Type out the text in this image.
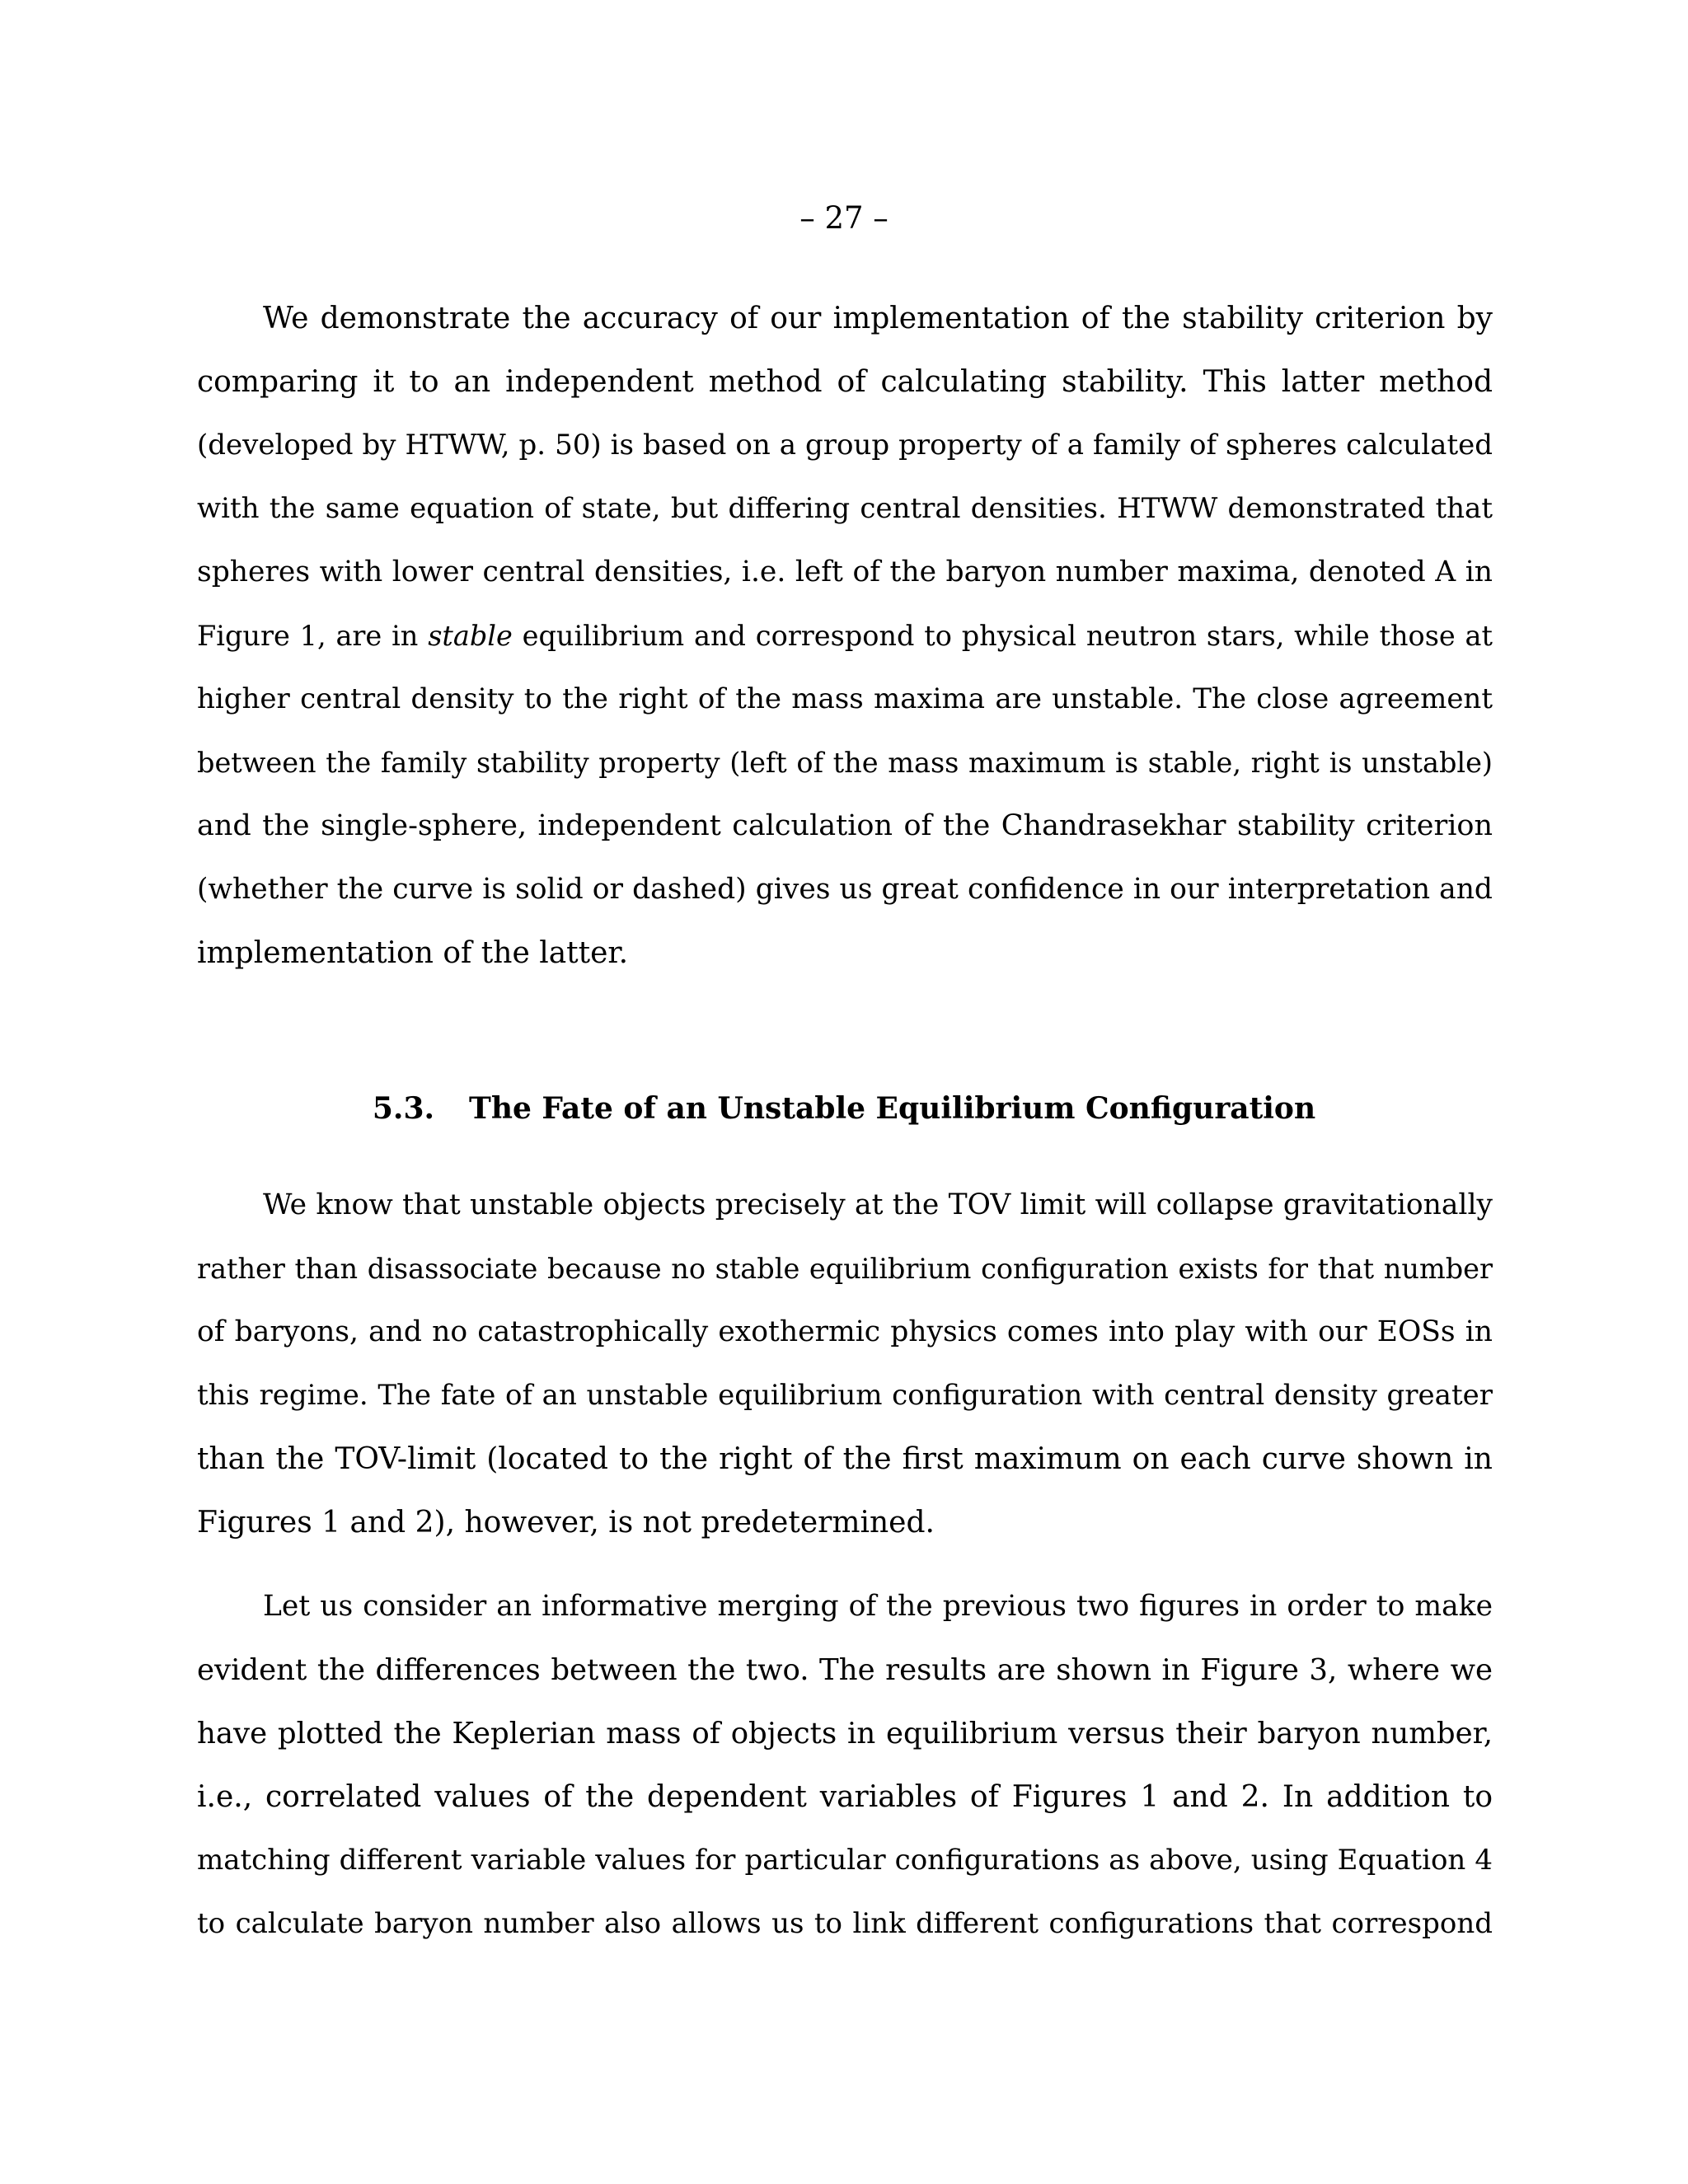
– 27 –
We demonstrate the accuracy of our implementation of the stability criterion by
comparing it to an independent method of calculating stability. This latter method
(developed by HTWW, p. 50) is based on a group property of a family of spheres calculated
with the same equation of state, but differing central densities. HTWW demonstrated that
spheres with lower central densities, i.e. left of the baryon number maxima, denoted A in
Figure 1, are in stable equilibrium and correspond to physical neutron stars, while those at
higher central density to the right of the mass maxima are unstable. The close agreement
between the family stability property (left of the mass maximum is stable, right is unstable)
and the single-sphere, independent calculation of the Chandrasekhar stability criterion
(whether the curve is solid or dashed) gives us great confidence in our interpretation and
implementation of the latter.
5.3. The Fate of an Unstable Equilibrium Configuration
We know that unstable objects precisely at the TOV limit will collapse gravitationally
rather than disassociate because no stable equilibrium configuration exists for that number
of baryons, and no catastrophically exothermic physics comes into play with our EOSs in
this regime. The fate of an unstable equilibrium configuration with central density greater
than the TOV-limit (located to the right of the first maximum on each curve shown in
Figures 1 and 2), however, is not predetermined.
Let us consider an informative merging of the previous two figures in order to make
evident the differences between the two. The results are shown in Figure 3, where we
have plotted the Keplerian mass of objects in equilibrium versus their baryon number,
i.e., correlated values of the dependent variables of Figures 1 and 2. In addition to
matching different variable values for particular configurations as above, using Equation 4
to calculate baryon number also allows us to link different configurations that correspond
